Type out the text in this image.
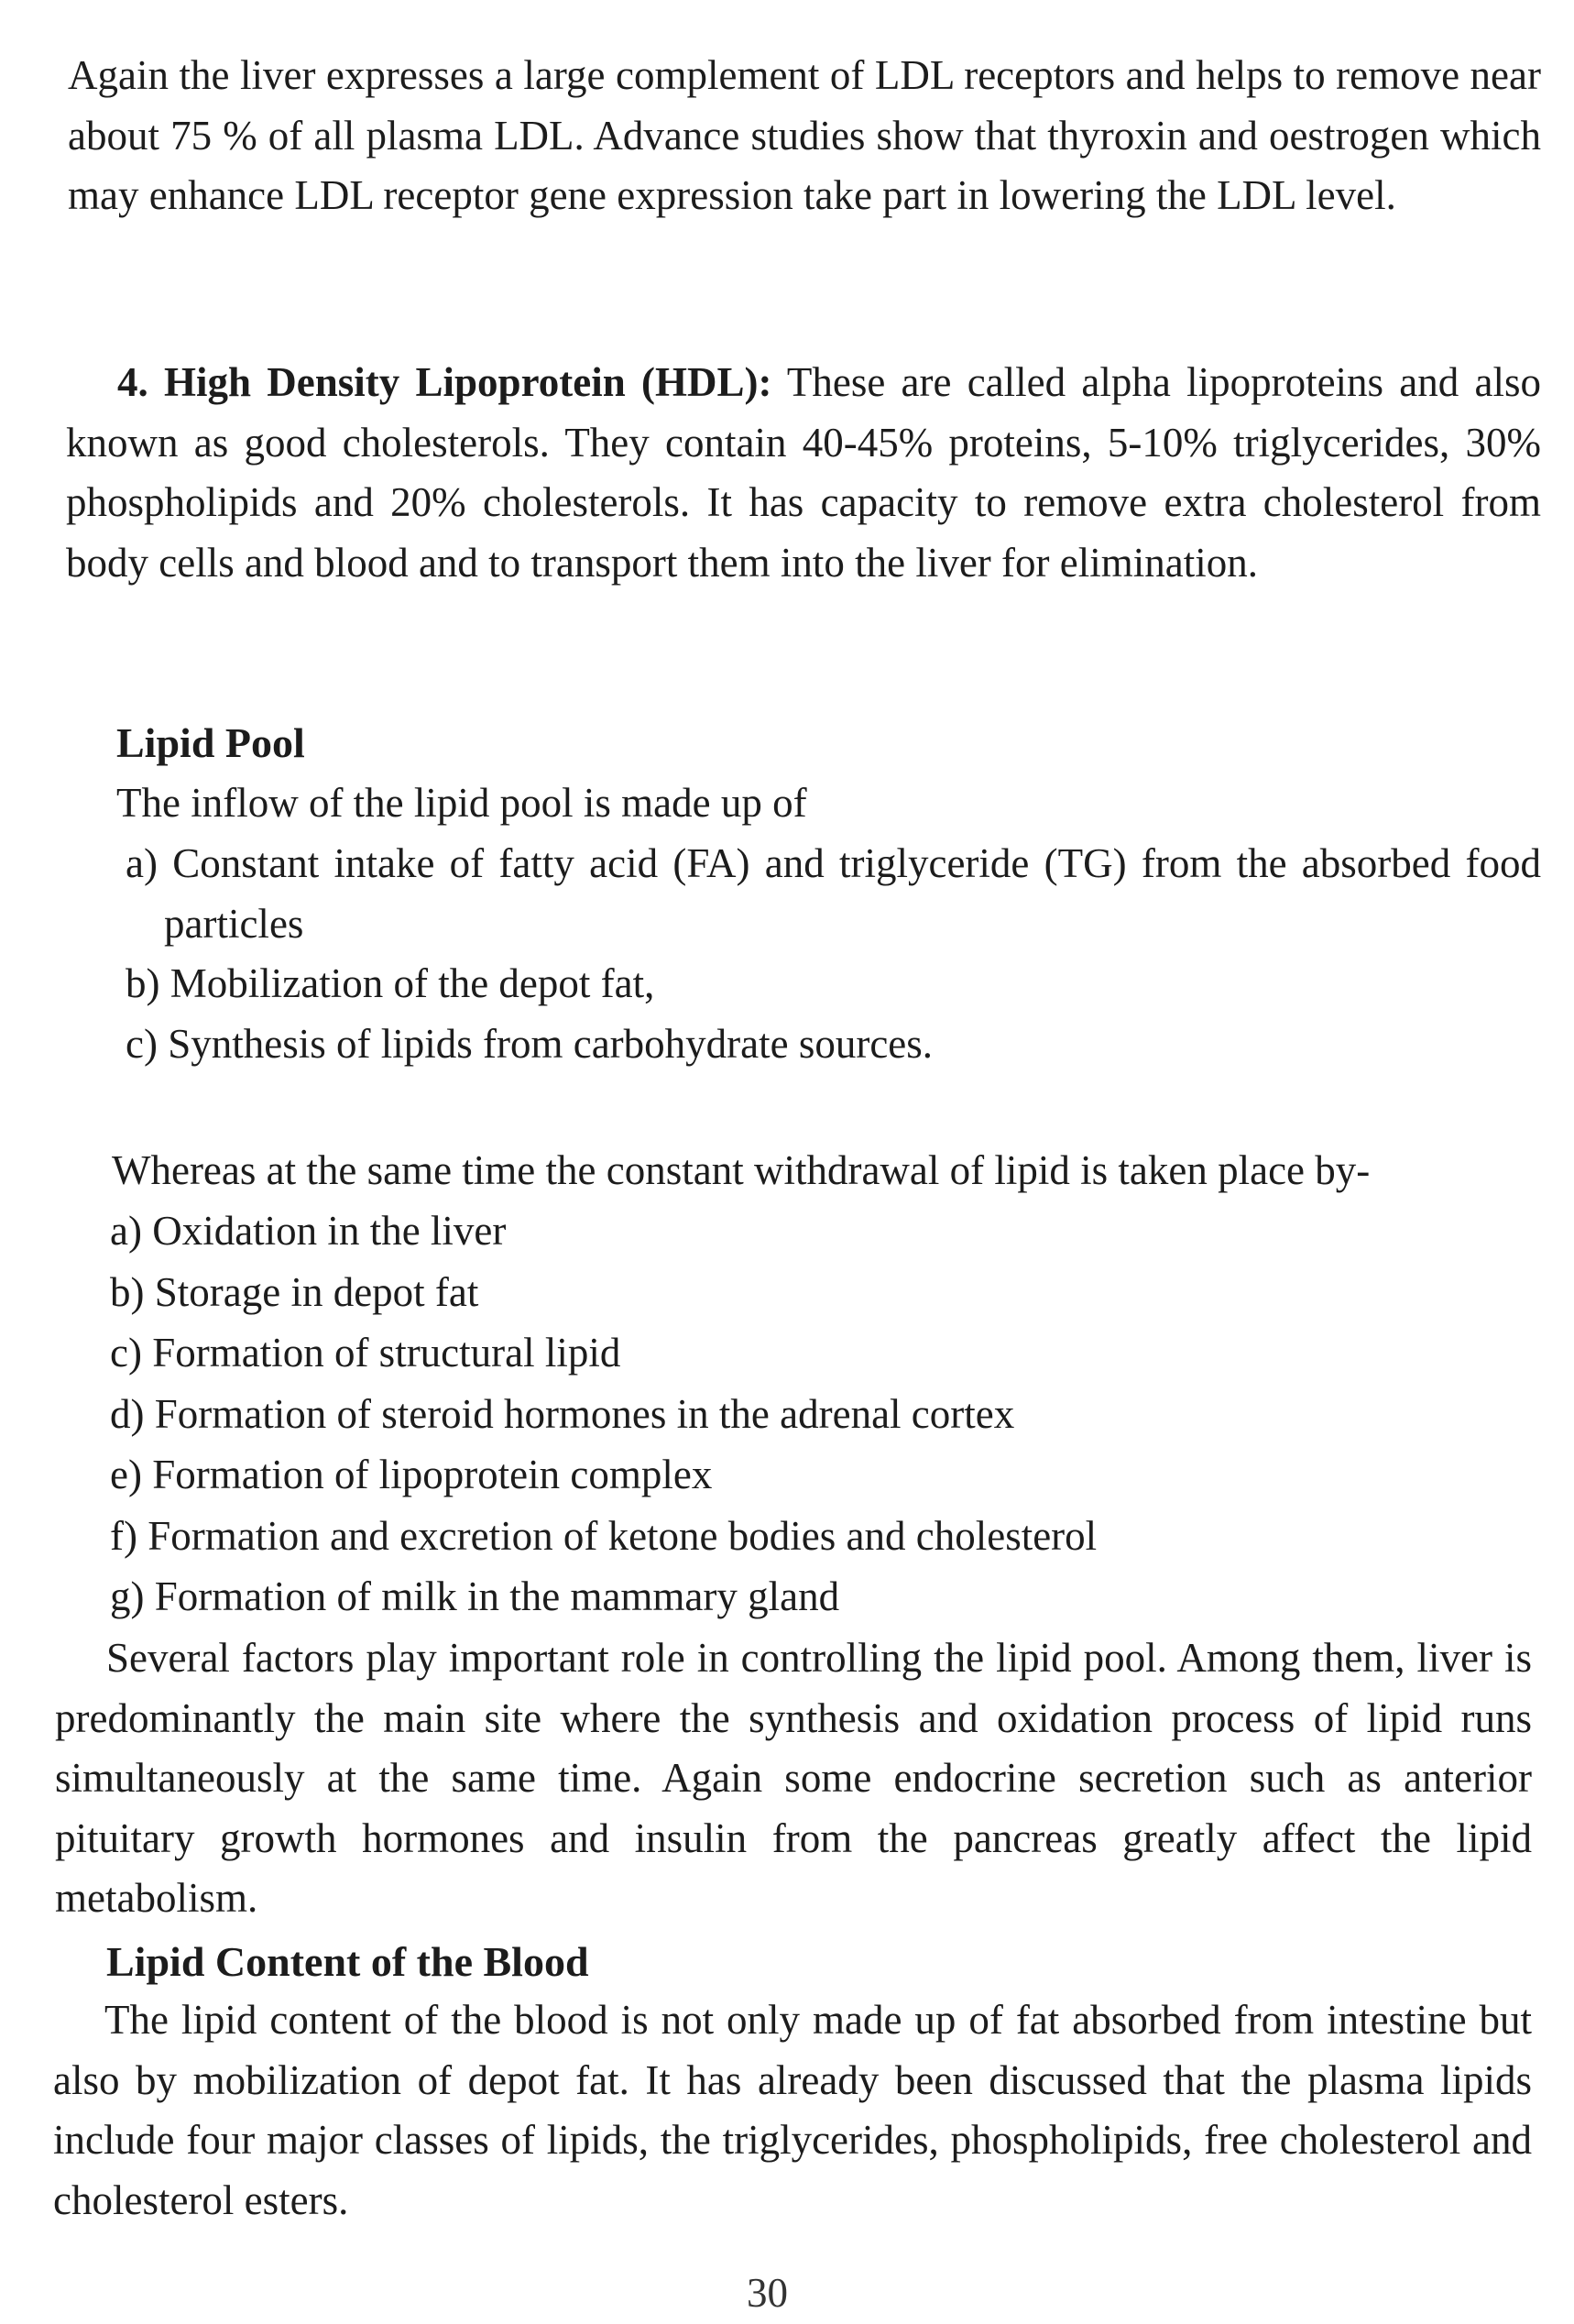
Again the liver expresses a large complement of LDL receptors and helps to remove near about 75 % of all plasma LDL. Advance studies show that thyroxin and oestrogen which may enhance LDL receptor gene expression take part in lowering the LDL level.

4. High Density Lipoprotein (HDL): These are called alpha lipoproteins and also known as good cholesterols. They contain 40-45% proteins, 5-10% triglycerides, 30% phospholipids and 20% cholesterols. It has capacity to remove extra cholesterol from body cells and blood and to transport them into the liver for elimination.

Lipid Pool

The inflow of the lipid pool is made up of

a) Constant intake of fatty acid (FA) and triglyceride (TG) from the absorbed food particles
b) Mobilization of the depot fat,
c) Synthesis of lipids from carbohydrate sources.

Whereas at the same time the constant withdrawal of lipid is taken place by-

a) Oxidation in the liver
b) Storage in depot fat
c) Formation of structural lipid
d) Formation of steroid hormones in the adrenal cortex
e) Formation of lipoprotein complex
f) Formation and excretion of ketone bodies and cholesterol
g) Formation of milk in the mammary gland

Several factors play important role in controlling the lipid pool. Among them, liver is predominantly the main site where the synthesis and oxidation process of lipid runs simultaneously at the same time. Again some endocrine secretion such as anterior pituitary growth hormones and insulin from the pancreas greatly affect the lipid metabolism.

Lipid Content of the Blood

The lipid content of the blood is not only made up of fat absorbed from intestine but also by mobilization of depot fat. It has already been discussed that the plasma lipids include four major classes of lipids, the triglycerides, phospholipids, free cholesterol and cholesterol esters.

30
